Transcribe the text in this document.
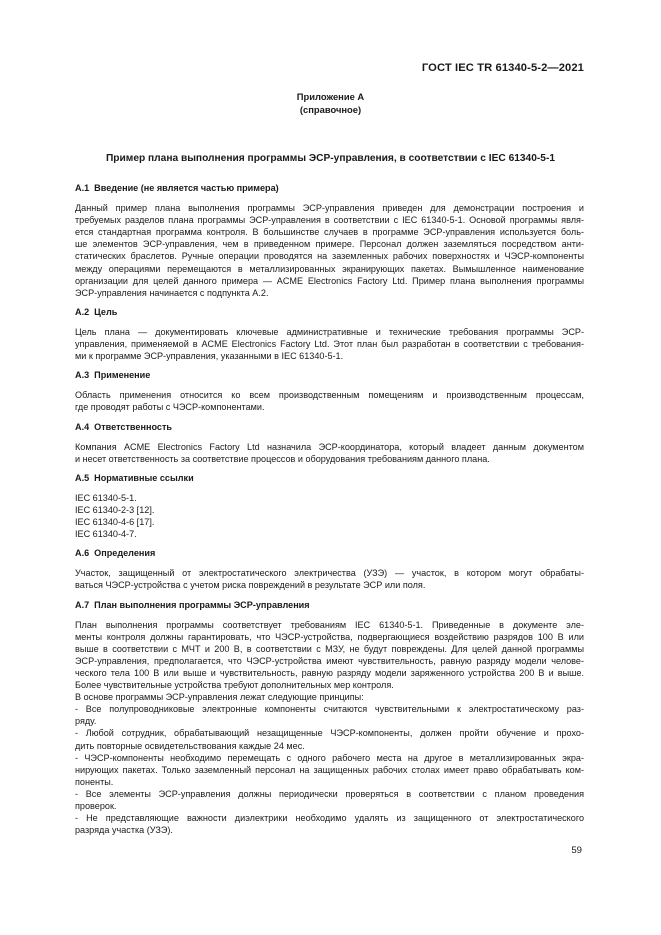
ГОСТ IEC TR 61340-5-2—2021
Приложение А
(справочное)
Пример плана выполнения программы ЭСР-управления, в соответствии с IEC 61340-5-1
А.1 Введение (не является частью примера)
Данный пример плана выполнения программы ЭСР-управления приведен для демонстрации построения и
требуемых разделов плана программы ЭСР-управления в соответствии с IEC 61340-5-1. Основой программы явля-
ется стандартная программа контроля. В большинстве случаев в программе ЭСР-управления используется боль-
ше элементов ЭСР-управления, чем в приведенном примере. Персонал должен заземляться посредством анти-
статических браслетов. Ручные операции проводятся на заземленных рабочих поверхностях и ЧЭСР-компоненты
между операциями перемещаются в металлизированных экранирующих пакетах. Вымышленное наименование
организации для целей данного примера — ACME Electronics Factory Ltd. Пример плана выполнения программы
ЭСР-управления начинается с подпункта А.2.
А.2 Цель
Цель плана — документировать ключевые административные и технические требования программы ЭСР-
управления, применяемой в ACME Electronics Factory Ltd. Этот план был разработан в соответствии с требования-
ми к программе ЭСР-управления, указанными в IEC 61340-5-1.
А.3 Применение
Область применения относится ко всем производственным помещениям и производственным процессам,
где проводят работы с ЧЭСР-компонентами.
А.4 Ответственность
Компания ACME Electronics Factory Ltd назначила ЭСР-координатора, который владеет данным документом
и несет ответственность за соответствие процессов и оборудования требованиям данного плана.
А.5 Нормативные ссылки
IEC 61340-5-1.
IEC 61340-2-3 [12].
IEC 61340-4-6 [17].
IEC 61340-4-7.
А.6 Определения
Участок, защищенный от электростатического электричества (УЗЭ) — участок, в котором могут обрабаты-
ваться ЧЭСР-устройства с учетом риска повреждений в результате ЭСР или поля.
А.7 План выполнения программы ЭСР-управления
План выполнения программы соответствует требованиям IEC 61340-5-1. Приведенные в документе эле-
менты контроля должны гарантировать, что ЧЭСР-устройства, подвергающиеся воздействию разрядов 100 В или
выше в соответствии с МЧТ и 200 В, в соответствии с МЗУ, не будут повреждены. Для целей данной программы
ЭСР-управления, предполагается, что ЧЭСР-устройства имеют чувствительность, равную разряду модели челове-
ческого тела 100 В или выше и чувствительность, равную разряду модели заряженного устройства 200 В и выше.
Более чувствительные устройства требуют дополнительных мер контроля.
В основе программы ЭСР-управления лежат следующие принципы:
- Все полупроводниковые электронные компоненты считаются чувствительными к электростатическому раз-
ряду.
- Любой сотрудник, обрабатывающий незащищенные ЧЭСР-компоненты, должен пройти обучение и прохо-
дить повторные освидетельствования каждые 24 мес.
- ЧЭСР-компоненты необходимо перемещать с одного рабочего места на другое в металлизированных экра-
нирующих пакетах. Только заземленный персонал на защищенных рабочих столах имеет право обрабатывать ком-
поненты.
- Все элементы ЭСР-управления должны периодически проверяться в соответствии с планом проведения
проверок.
- Не представляющие важности диэлектрики необходимо удалять из защищенного от электростатического
разряда участка (УЗЭ).
59
